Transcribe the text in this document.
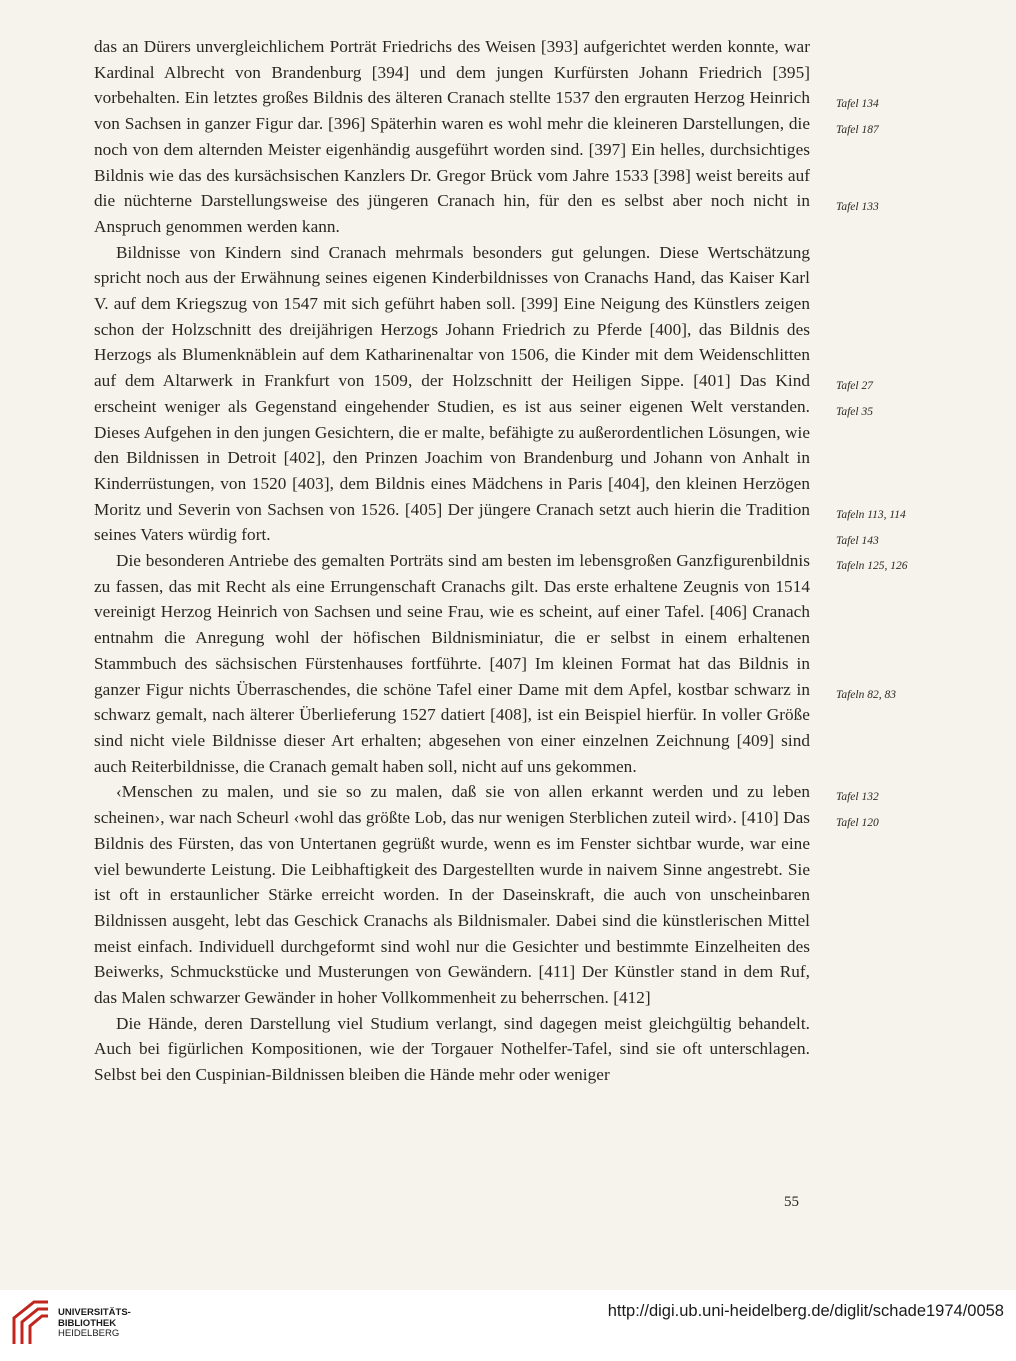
das an Dürers unvergleichlichem Porträt Friedrichs des Weisen [393] aufgerichtet werden konnte, war Kardinal Albrecht von Brandenburg [394] und dem jungen Kurfürsten Johann Friedrich [395] vorbehalten. Ein letztes großes Bildnis des älteren Cranach stellte 1537 den ergrauten Herzog Heinrich von Sachsen in ganzer Figur dar. [396] Späterhin waren es wohl mehr die kleineren Darstellungen, die noch von dem alternden Meister eigenhändig ausgeführt worden sind. [397] Ein helles, durchsichtiges Bildnis wie das des kursächsischen Kanzlers Dr. Gregor Brück vom Jahre 1533 [398] weist bereits auf die nüchterne Darstellungsweise des jüngeren Cranach hin, für den es selbst aber noch nicht in Anspruch genommen werden kann.

Bildnisse von Kindern sind Cranach mehrmals besonders gut gelungen. Diese Wertschätzung spricht noch aus der Erwähnung seines eigenen Kinderbildnisses von Cranachs Hand, das Kaiser Karl V. auf dem Kriegszug von 1547 mit sich geführt haben soll. [399] Eine Neigung des Künstlers zeigen schon der Holzschnitt des dreijährigen Herzogs Johann Friedrich zu Pferde [400], das Bildnis des Herzogs als Blumenknäblein auf dem Katharinenaltar von 1506, die Kinder mit dem Weidenschlitten auf dem Altarwerk in Frankfurt von 1509, der Holzschnitt der Heiligen Sippe. [401] Das Kind erscheint weniger als Gegenstand eingehender Studien, es ist aus seiner eigenen Welt verstanden. Dieses Aufgehen in den jungen Gesichtern, die er malte, befähigte zu außerordentlichen Lösungen, wie den Bildnissen in Detroit [402], den Prinzen Joachim von Brandenburg und Johann von Anhalt in Kinderrüstungen, von 1520 [403], dem Bildnis eines Mädchens in Paris [404], den kleinen Herzögen Moritz und Severin von Sachsen von 1526. [405] Der jüngere Cranach setzt auch hierin die Tradition seines Vaters würdig fort.

Die besonderen Antriebe des gemalten Porträts sind am besten im lebensgroßen Ganzfigurenbildnis zu fassen, das mit Recht als eine Errungenschaft Cranachs gilt. Das erste erhaltene Zeugnis von 1514 vereinigt Herzog Heinrich von Sachsen und seine Frau, wie es scheint, auf einer Tafel. [406] Cranach entnahm die Anregung wohl der höfischen Bildnisminiatur, die er selbst in einem erhaltenen Stammbuch des sächsischen Fürstenhauses fortführte. [407] Im kleinen Format hat das Bildnis in ganzer Figur nichts Überraschendes, die schöne Tafel einer Dame mit dem Apfel, kostbar schwarz in schwarz gemalt, nach älterer Überlieferung 1527 datiert [408], ist ein Beispiel hierfür. In voller Größe sind nicht viele Bildnisse dieser Art erhalten; abgesehen von einer einzelnen Zeichnung [409] sind auch Reiterbildnisse, die Cranach gemalt haben soll, nicht auf uns gekommen.

‹Menschen zu malen, und sie so zu malen, daß sie von allen erkannt werden und zu leben scheinen›, war nach Scheurl ‹wohl das größte Lob, das nur wenigen Sterblichen zuteil wird›. [410] Das Bildnis des Fürsten, das von Untertanen gegrüßt wurde, wenn es im Fenster sichtbar wurde, war eine viel bewunderte Leistung. Die Leibhaftigkeit des Dargestellten wurde in naivem Sinne angestrebt. Sie ist oft in erstaunlicher Stärke erreicht worden. In der Daseinskraft, die auch von unscheinbaren Bildnissen ausgeht, lebt das Geschick Cranachs als Bildnismaler. Dabei sind die künstlerischen Mittel meist einfach. Individuell durchgeformt sind wohl nur die Gesichter und bestimmte Einzelheiten des Beiwerks, Schmuckstücke und Musterungen von Gewändern. [411] Der Künstler stand in dem Ruf, das Malen schwarzer Gewänder in hoher Vollkommenheit zu beherrschen. [412]

Die Hände, deren Darstellung viel Studium verlangt, sind dagegen meist gleichgültig behandelt. Auch bei figürlichen Kompositionen, wie der Torgauer Nothelfer-Tafel, sind sie oft unterschlagen. Selbst bei den Cuspinian-Bildnissen bleiben die Hände mehr oder weniger

Tafel 134
Tafel 187
Tafel 133
Tafel 27
Tafel 35
Tafeln 113, 114
Tafel 143
Tafeln 125, 126
Tafeln 82, 83
Tafel 132
Tafel 120
55
UNIVERSITÄTS-
BIBLIOTHEK
HEIDELBERG
http://digi.ub.uni-heidelberg.de/diglit/schade1974/0058
